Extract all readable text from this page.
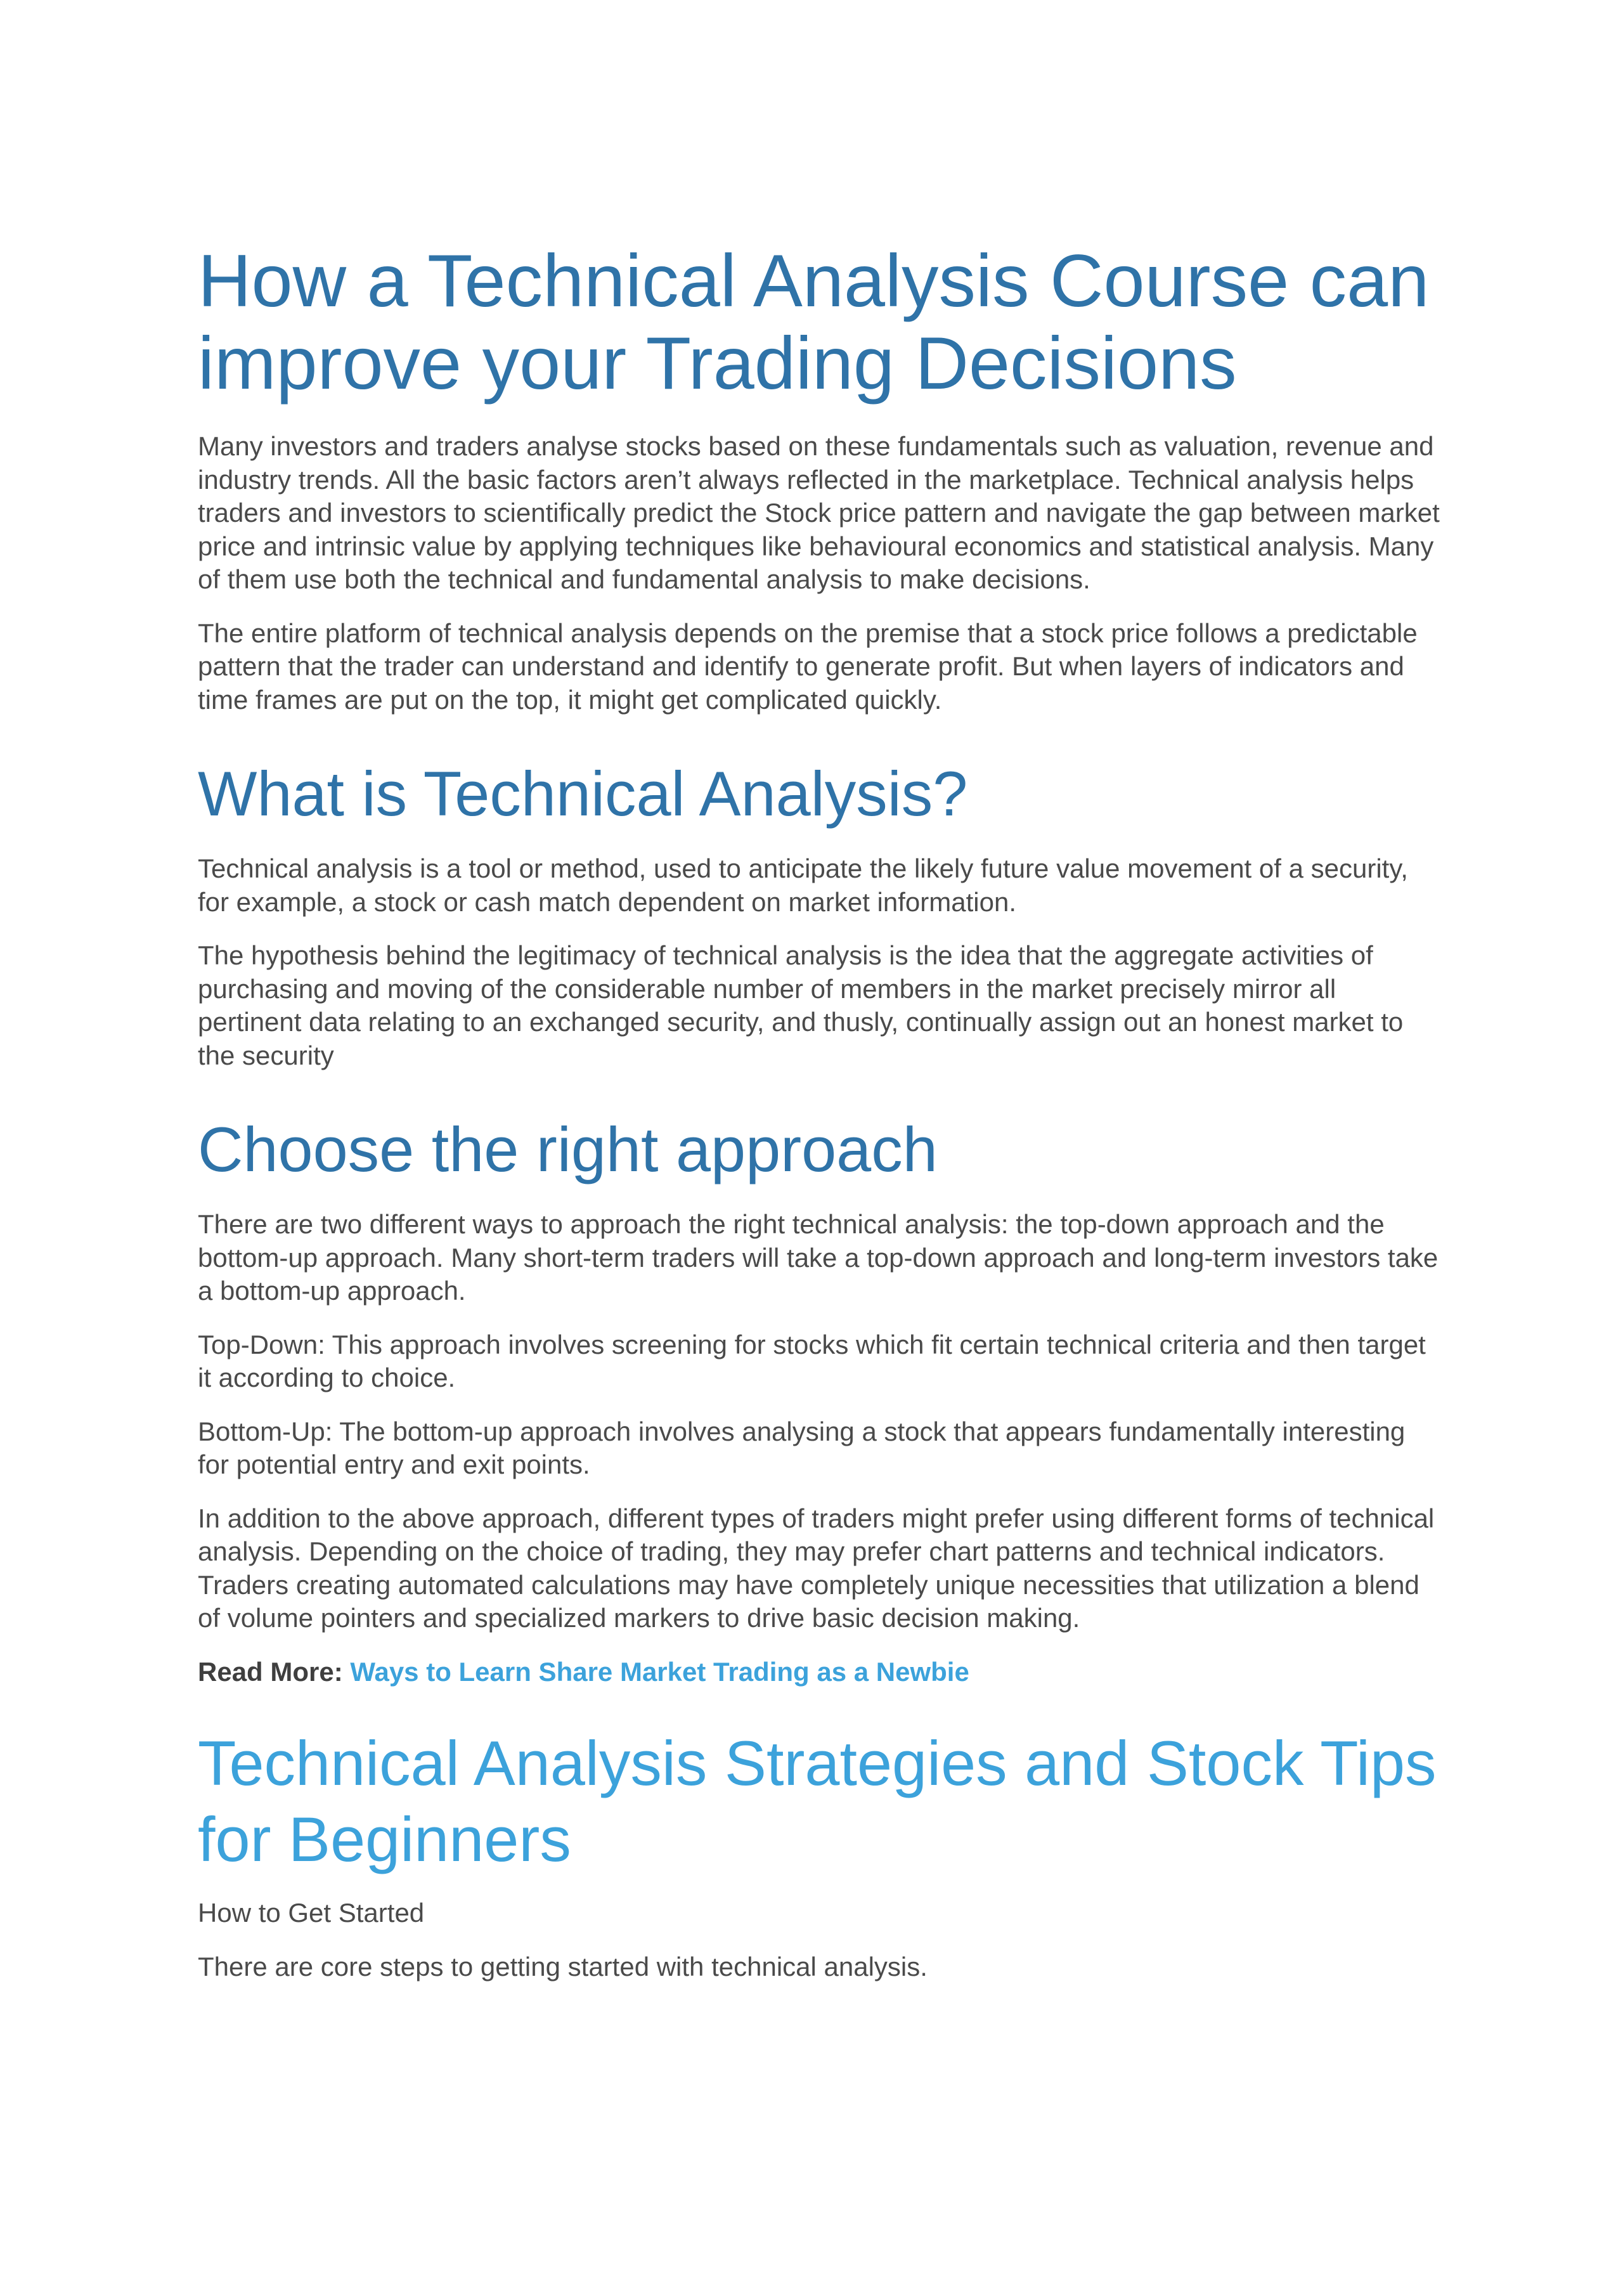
How a Technical Analysis Course can improve your Trading Decisions

Many investors and traders analyse stocks based on these fundamentals such as valuation, revenue and industry trends. All the basic factors aren’t always reflected in the marketplace. Technical analysis helps traders and investors to scientifically predict the Stock price pattern and navigate the gap between market price and intrinsic value by applying techniques like behavioural economics and statistical analysis. Many of them use both the technical and fundamental analysis to make decisions.

The entire platform of technical analysis depends on the premise that a stock price follows a predictable pattern that the trader can understand and identify to generate profit. But when layers of indicators and time frames are put on the top, it might get complicated quickly.

What is Technical Analysis?

Technical analysis is a tool or method, used to anticipate the likely future value movement of a security, for example, a stock or cash match dependent on market information.

The hypothesis behind the legitimacy of technical analysis is the idea that the aggregate activities of purchasing and moving of the considerable number of members in the market precisely mirror all pertinent data relating to an exchanged security, and thusly, continually assign out an honest market to the security

Choose the right approach

There are two different ways to approach the right technical analysis: the top-down approach and the bottom-up approach. Many short-term traders will take a top-down approach and long-term investors take a bottom-up approach.

Top-Down: This approach involves screening for stocks which fit certain technical criteria and then target it according to choice.

Bottom-Up: The bottom-up approach involves analysing a stock that appears fundamentally interesting for potential entry and exit points.

In addition to the above approach, different types of traders might prefer using different forms of technical analysis. Depending on the choice of trading, they may prefer chart patterns and technical indicators. Traders creating automated calculations may have completely unique necessities that utilization a blend of volume pointers and specialized markers to drive basic decision making.

Read More: Ways to Learn Share Market Trading as a Newbie

Technical Analysis Strategies and Stock Tips for Beginners

How to Get Started

There are core steps to getting started with technical analysis.
